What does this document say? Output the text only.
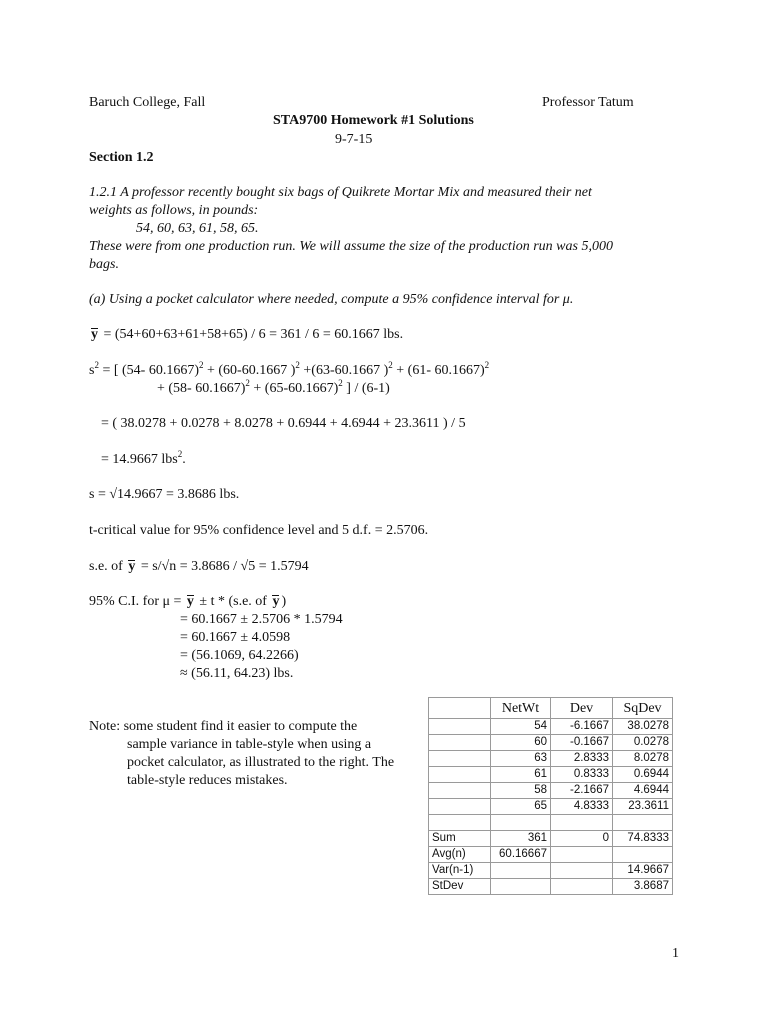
Baruch College, Fall	Professor Tatum
STA9700 Homework #1 Solutions
9-7-15
Section 1.2
1.2.1 A professor recently bought six bags of Quikrete Mortar Mix and measured their net
weights as follows, in pounds:
54, 60, 63, 61, 58, 65.
These were from one production run. We will assume the size of the production run was 5,000
bags.
(a) Using a pocket calculator where needed, compute a 95% confidence interval for μ.
y = (54+60+63+61+58+65) / 6 = 361 / 6 = 60.1667 lbs.
$s^2$ = [ (54- 60.1667)$^2$ + (60-60.1667 )$^2$ +(63-60.1667 )$^2$ + (61- 60.1667)$^2$
+ (58- $60.1667)^2 + (65-60.1667)^2$ ] / (6-1)
= ( 38.0278 + 0.0278 + 8.0278 + 0.6944 + 4.6944 + 23.3611 ) / 5
= 14.9667 lbs$^2$.
s = √14.9667 = 3.8686 lbs.
t-critical value for 95% confidence level and 5 d.f. = 2.5706.
s.e. of y = s/√n = 3.8686 / √5 = 1.5794
95% C.I. for μ = y ± t * (s.e. of y )
= 60.1667 ± 2.5706 * 1.5794
= 60.1667 ± 4.0598
= (56.1069, 64.2266)
≈ (56.11, 64.23) lbs.
Note: some student find it easier to compute the
sample variance in table-style when using a
pocket calculator, as illustrated to the right. The
table-style reduces mistakes.
	NetWt	Dev	SqDev
	54	-6.1667	38.0278
	60	-0.1667	0.0278
	63	2.8333	8.0278
	61	0.8333	0.6944
	58	-2.1667	4.6944
	65	4.8333	23.3611

Sum	361	0	74.8333
Avg(n)	60.16667		
Var(n-1)			14.9667
StDev			3.8687
1
